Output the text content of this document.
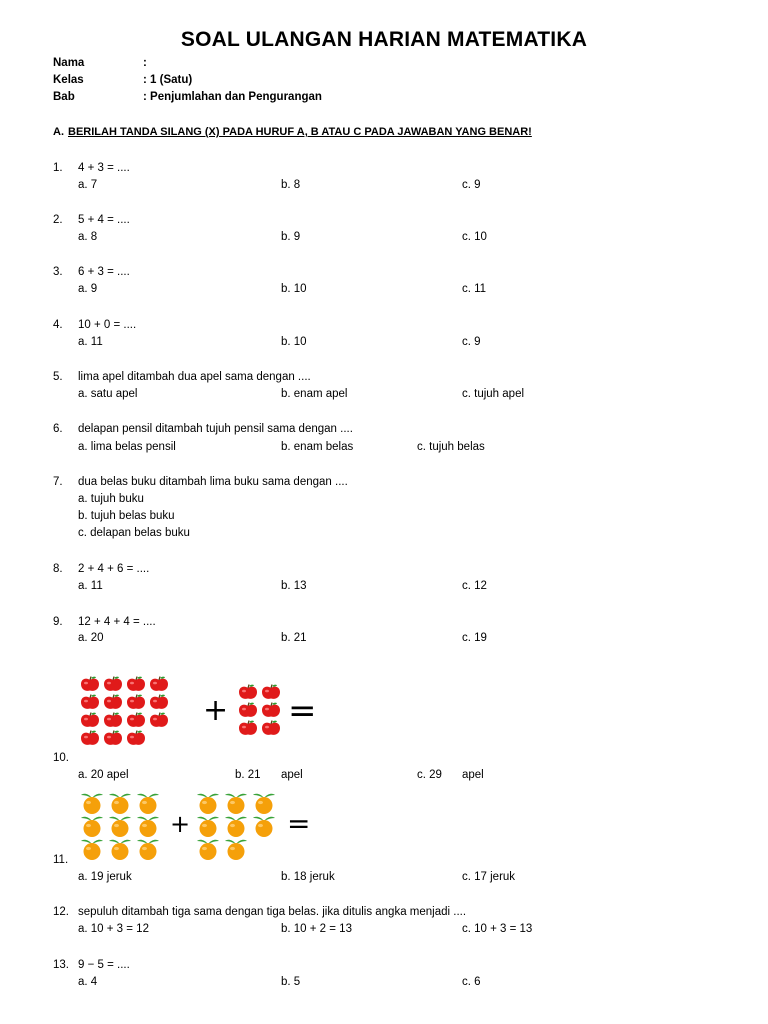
SOAL ULANGAN HARIAN MATEMATIKA
Nama	:
Kelas	: 1 (Satu)
Bab	: Penjumlahan dan Pengurangan
A. BERILAH TANDA SILANG (X) PADA HURUF A, B ATAU C PADA JAWABAN YANG BENAR!
1. 4 + 3 = ....
a. 7	b. 8	c. 9
2. 5 + 4 = ....
a. 8	b. 9	c. 10
3. 6 + 3 = ....
a. 9	b. 10	c. 11
4. 10 + 0 = ....
a. 11	b. 10	c. 9
5. lima apel ditambah dua apel sama dengan ....
a. satu apel	b. enam apel	c. tujuh apel
6. delapan pensil ditambah tujuh pensil sama dengan ....
a. lima belas pensil	b. enam belas	c. tujuh belas
7. dua belas buku ditambah lima buku sama dengan ....
a. tujuh buku
b. tujuh belas buku
c. delapan belas buku
8. 2 + 4 + 6 = ....
a. 11	b. 13	c. 12
9. 12 + 4 + 4 = ....
a. 20	b. 21	c. 19
+ =
10.
a. 20 apel	b. 21 apel	c. 29 apel
+	=
11.
a. 19 jeruk	b. 18 jeruk	c. 17 jeruk
12. sepuluh ditambah tiga sama dengan tiga belas. jika ditulis angka menjadi ....
a. 10 + 3 = 12	b. 10 + 2 = 13	c. 10 + 3 = 13
13. 9 − 5 = ....
a. 4	b. 5	c. 6
